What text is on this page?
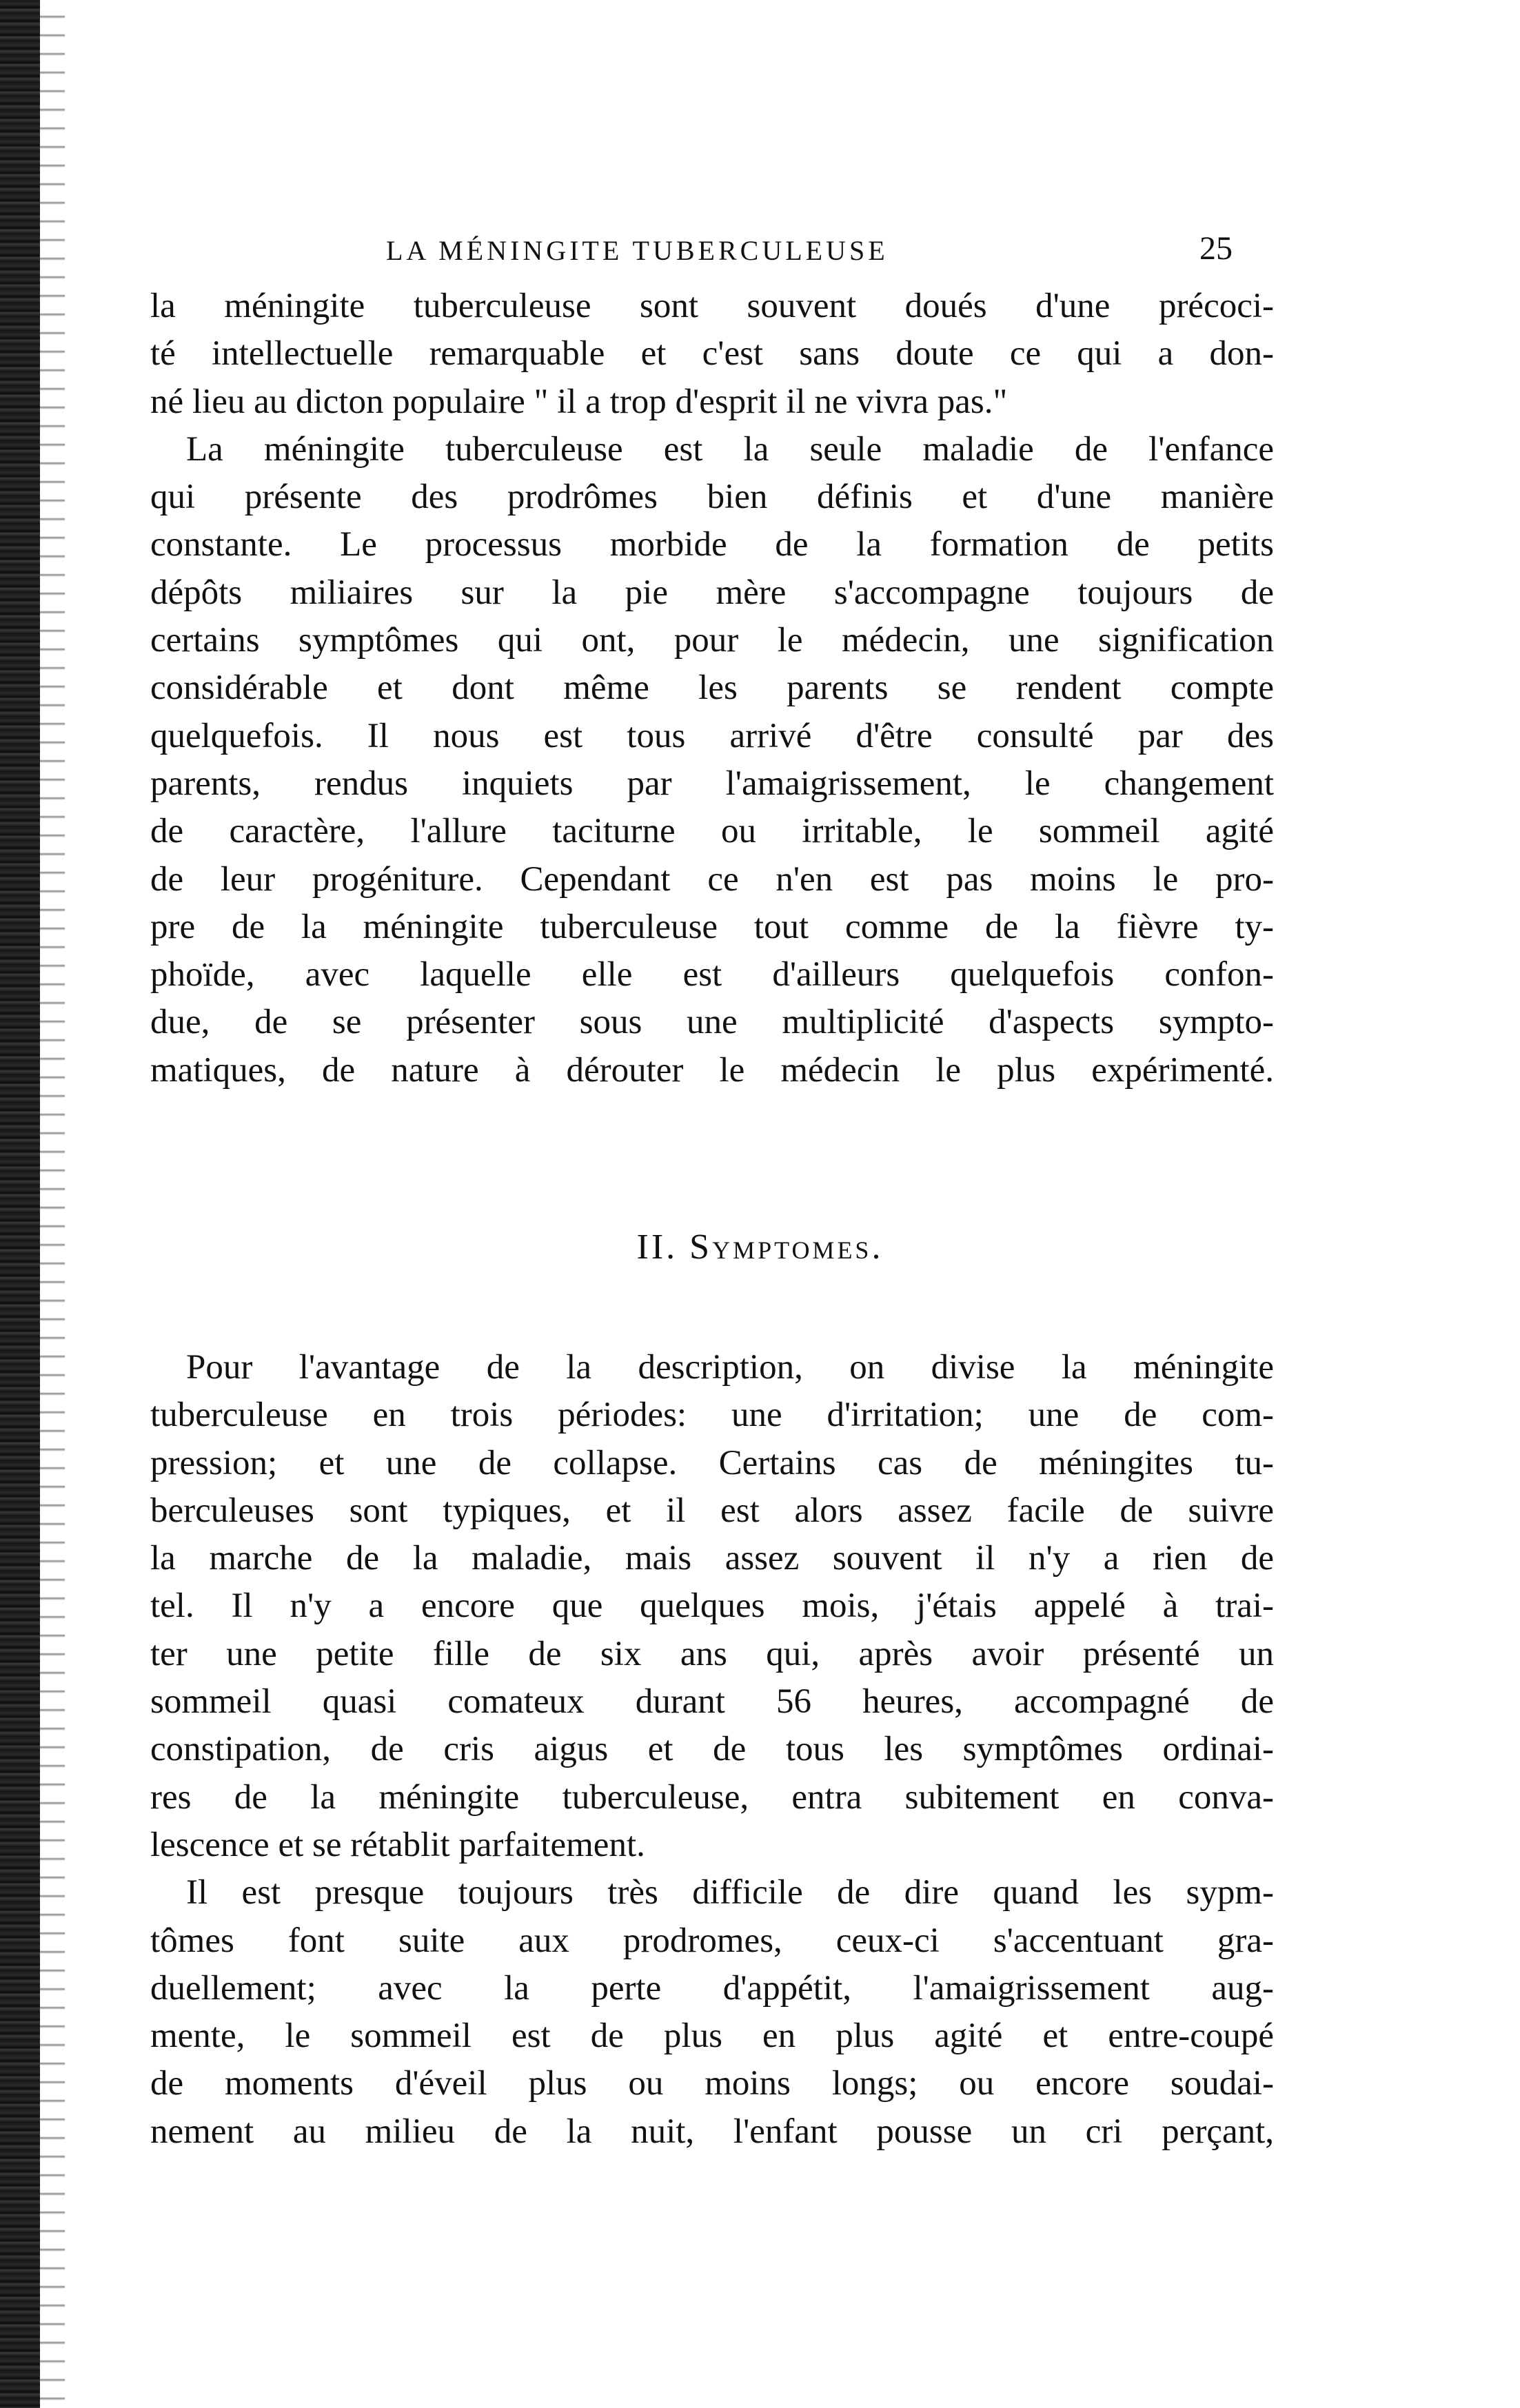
LA MÉNINGITE TUBERCULEUSE	25
la méningite tuberculeuse sont souvent doués d'une précoci-
té intellectuelle remarquable et c'est sans doute ce qui a don-
né lieu au dicton populaire " il a trop d'esprit il ne vivra pas."
La méningite tuberculeuse est la seule maladie de l'enfance
qui présente des prodrômes bien définis et d'une manière
constante. Le processus morbide de la formation de petits
dépôts miliaires sur la pie mère s'accompagne toujours de
certains symptômes qui ont, pour le médecin, une signification
considérable et dont même les parents se rendent compte
quelquefois. Il nous est tous arrivé d'être consulté par des
parents, rendus inquiets par l'amaigrissement, le changement
de caractère, l'allure taciturne ou irritable, le sommeil agité
de leur progéniture. Cependant ce n'en est pas moins le pro-
pre de la méningite tuberculeuse tout comme de la fièvre ty-
phoïde, avec laquelle elle est d'ailleurs quelquefois confon-
due, de se présenter sous une multiplicité d'aspects sympto-
matiques, de nature à dérouter le médecin le plus expérimenté.
II. Symptomes.
Pour l'avantage de la description, on divise la méningite
tuberculeuse en trois périodes: une d'irritation; une de com-
pression; et une de collapse. Certains cas de méningites tu-
berculeuses sont typiques, et il est alors assez facile de suivre
la marche de la maladie, mais assez souvent il n'y a rien de
tel. Il n'y a encore que quelques mois, j'étais appelé à trai-
ter une petite fille de six ans qui, après avoir présenté un
sommeil quasi comateux durant 56 heures, accompagné de
constipation, de cris aigus et de tous les symptômes ordinai-
res de la méningite tuberculeuse, entra subitement en conva-
lescence et se rétablit parfaitement.
Il est presque toujours très difficile de dire quand les sypm-
tômes font suite aux prodromes, ceux-ci s'accentuant gra-
duellement; avec la perte d'appétit, l'amaigrissement aug-
mente, le sommeil est de plus en plus agité et entre-coupé
de moments d'éveil plus ou moins longs; ou encore soudai-
nement au milieu de la nuit, l'enfant pousse un cri perçant,
